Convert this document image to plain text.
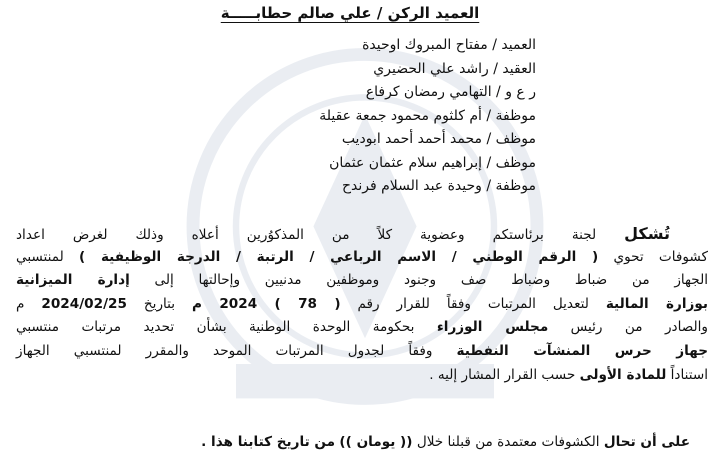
العميد الركن / علي صالم حطابـــــة
العميد / مفتاح المبروك اوحيدة
العقيد / راشد علي الحضيري
ر ع و / التهامي رمضان كرفاع
موظفة / أم كلثوم محمود جمعة عقيلة
موظف / محمد أحمد أحمد ابوديب
موظف / إبراهيم سلام عثمان عثمان
موظفة / وحيدة عبد السلام فرندح
تُشكل لجنة برئاستكم وعضوية كلاً من المذكوُرين أعلاه وذلك لغرض اعداد
كشوفات تحوي ( الرقم الوطني / الاسم الرباعي / الرتبة / الدرجة الوظيفية ) لمنتسبي
الجهاز من ضباط وضباط صف وجنود وموظفين مدنيين وإحالتها إلى إدارة الميزانية
بوزارة المالية لتعديل المرتبات وفقاً للقرار رقم ( 78 ) 2024 م بتاريخ 2024/02/25 م
والصادر من رئيس مجلس الوزراء بحكومة الوحدة الوطنية بشأن تحديد مرتبات منتسبي
جهاز حرس المنشآت النفطية وفقاً لجدول المرتبات الموحد والمقرر لمنتسبي الجهاز
استناداً للمادة الأولى حسب القرار المشار إليه .
على أن تحال الكشوفات معتمدة من قبلنا خلال (( يومان )) من تاريخ كتابنا هذا .
